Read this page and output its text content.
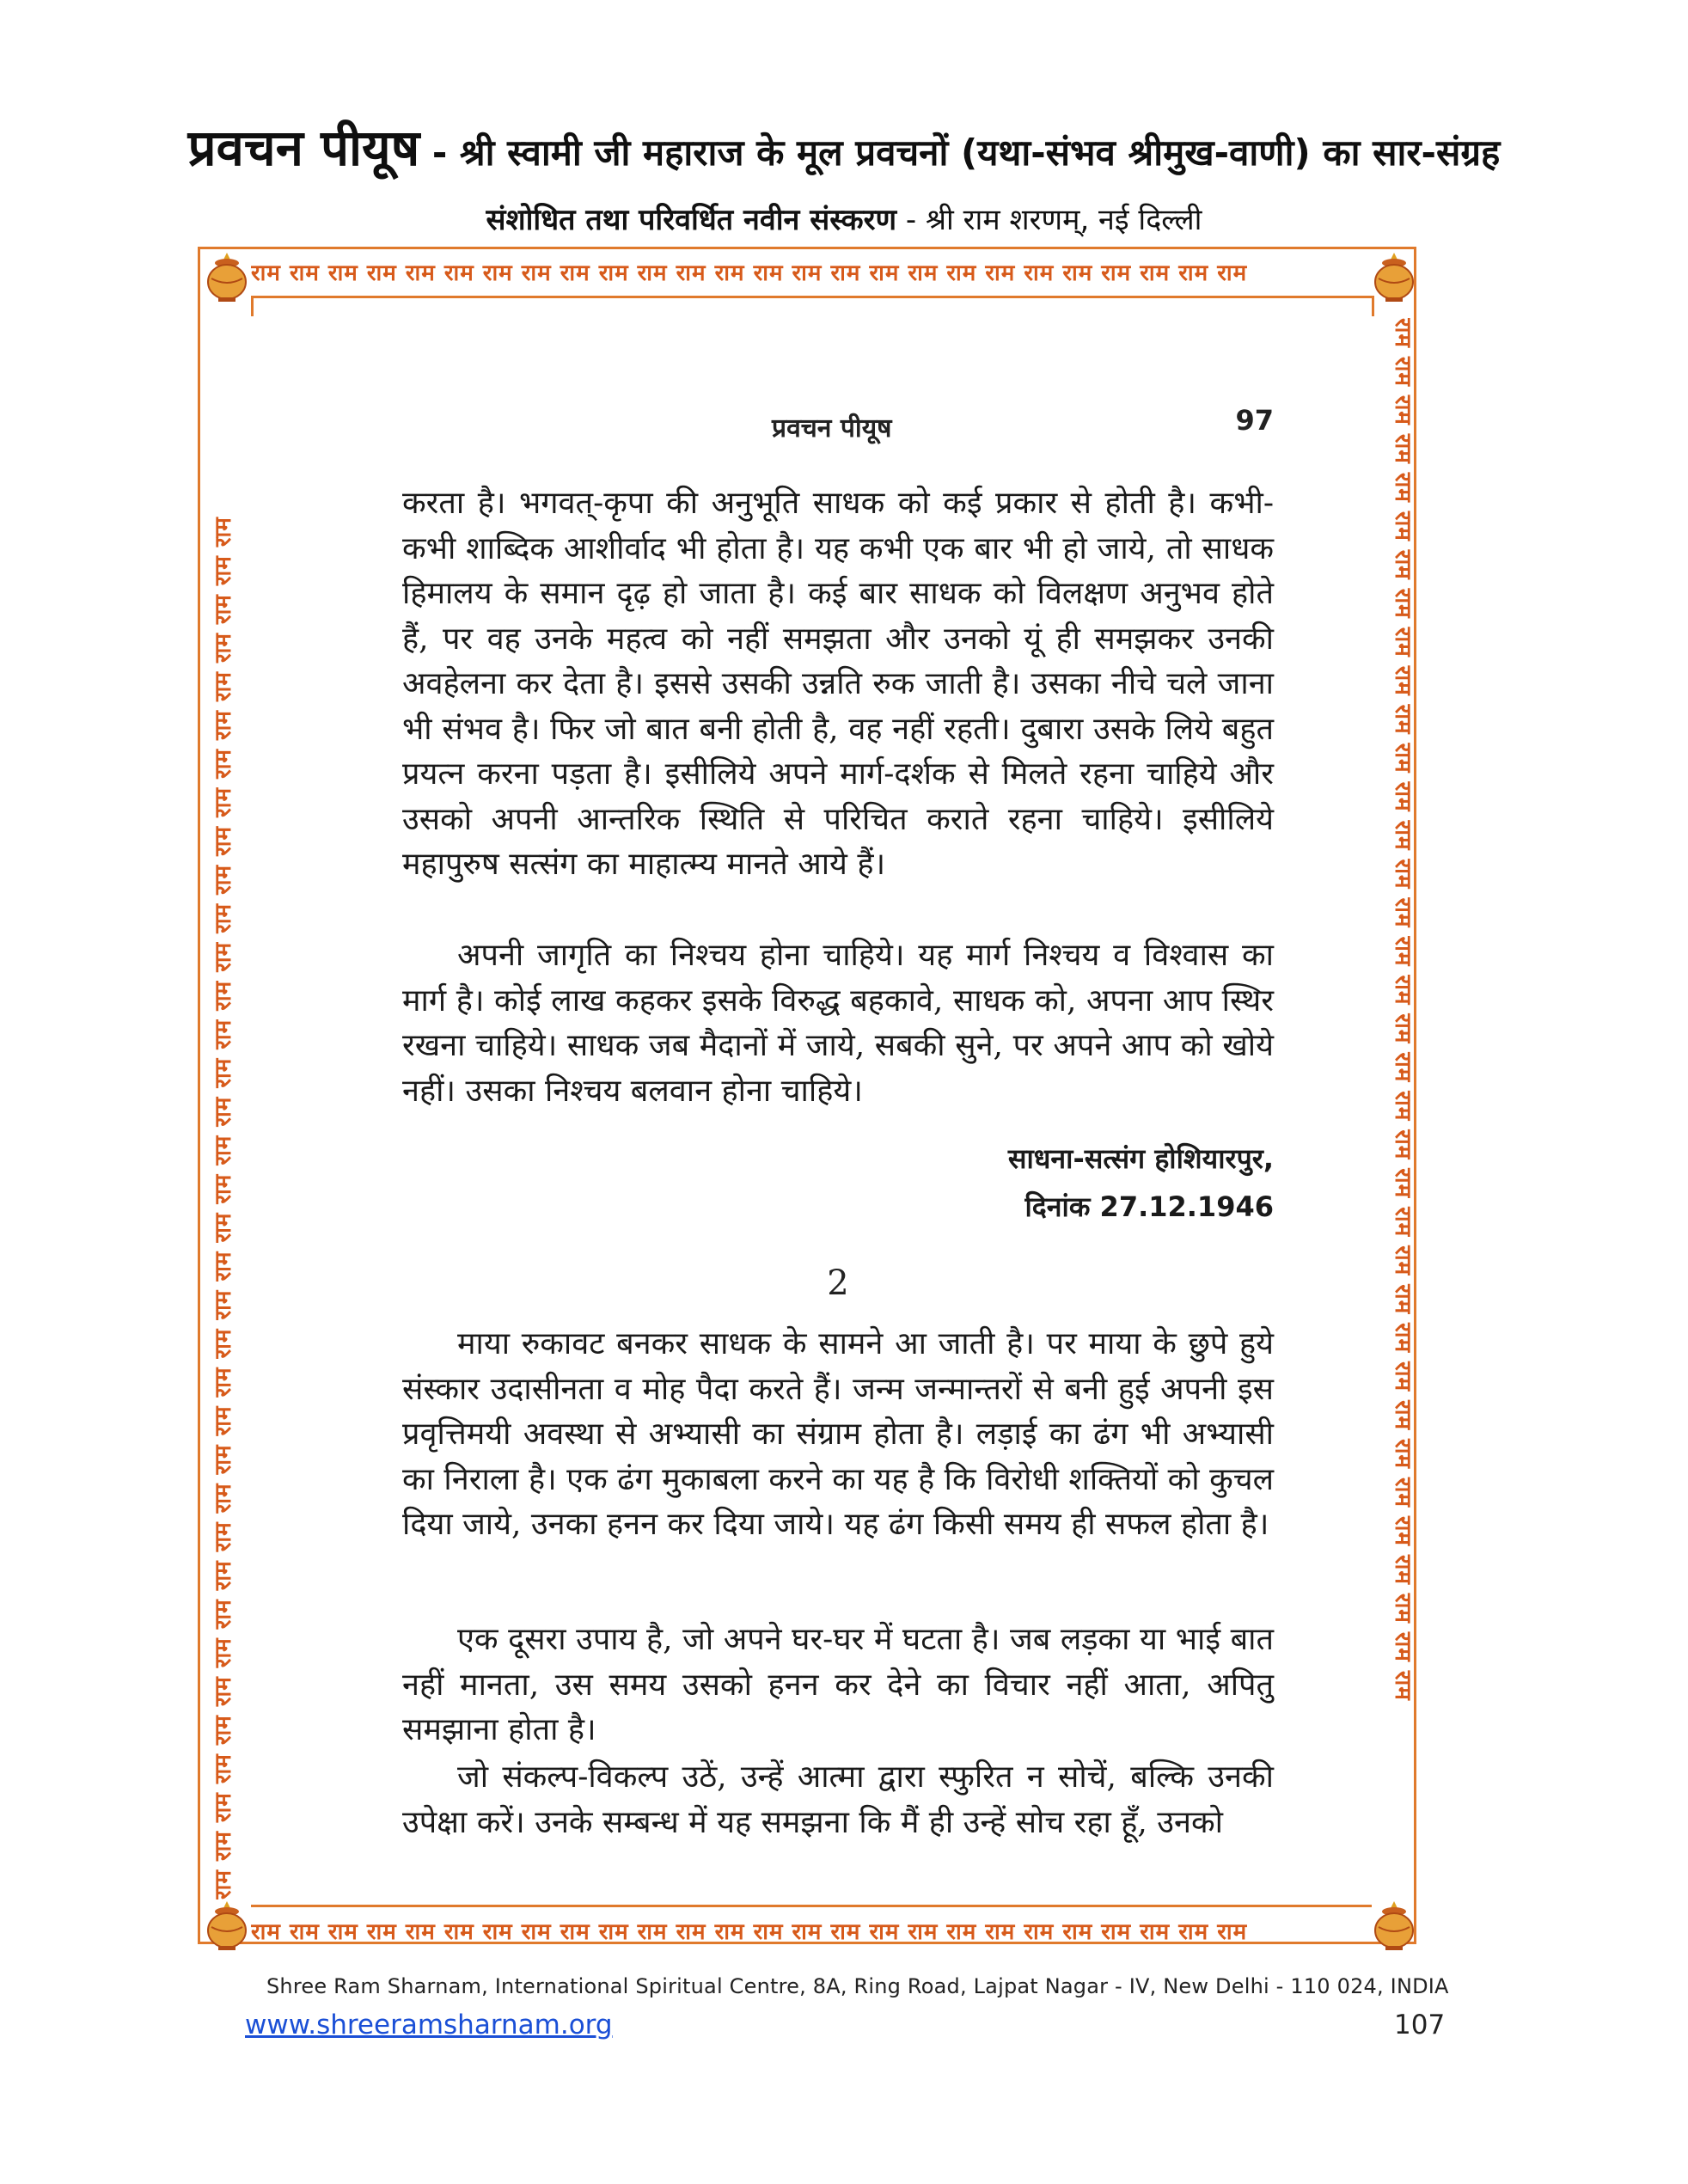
प्रवचन पीयूष - श्री स्वामी जी महाराज के मूल प्रवचनों (यथा-संभव श्रीमुख-वाणी) का सार-संग्रह
संशोधित तथा परिवर्धित नवीन संस्करण - श्री राम शरणम्, नई दिल्ली
राम राम राम राम राम राम राम राम राम राम राम राम राम राम राम राम राम राम राम राम राम राम राम राम राम राम
राम राम राम राम राम राम राम राम राम राम राम राम राम राम राम राम राम राम राम राम राम राम राम राम राम राम
राम राम राम राम राम राम राम राम राम राम राम राम राम राम राम राम राम राम राम राम राम राम राम राम राम राम राम राम राम राम राम राम राम राम राम राम	राम राम राम राम राम राम राम राम राम राम राम राम राम राम राम राम राम राम राम राम राम राम राम राम राम राम राम राम राम राम राम राम राम राम राम राम
प्रवचन पीयूष	97
करता है। भगवत्-कृपा की अनुभूति साधक को कई प्रकार से होती है। कभी-कभी शाब्दिक आशीर्वाद भी होता है। यह कभी एक बार भी हो जाये, तो साधक हिमालय के समान दृढ़ हो जाता है। कई बार साधक को विलक्षण अनुभव होते हैं, पर वह उनके महत्व को नहीं समझता और उनको यूं ही समझकर उनकी अवहेलना कर देता है। इससे उसकी उन्नति रुक जाती है। उसका नीचे चले जाना भी संभव है। फिर जो बात बनी होती है, वह नहीं रहती। दुबारा उसके लिये बहुत प्रयत्न करना पड़ता है। इसीलिये अपने मार्ग-दर्शक से मिलते रहना चाहिये और उसको अपनी आन्तरिक स्थिति से परिचित कराते रहना चाहिये। इसीलिये महापुरुष सत्संग का माहात्म्य मानते आये हैं।
अपनी जागृति का निश्चय होना चाहिये। यह मार्ग निश्चय व विश्वास का मार्ग है। कोई लाख कहकर इसके विरुद्ध बहकावे, साधक को, अपना आप स्थिर रखना चाहिये। साधक जब मैदानों में जाये, सबकी सुने, पर अपने आप को खोये नहीं। उसका निश्चय बलवान होना चाहिये।
साधना-सत्संग होशियारपुर,
दिनांक 27.12.1946
2
माया रुकावट बनकर साधक के सामने आ जाती है। पर माया के छुपे हुये संस्कार उदासीनता व मोह पैदा करते हैं। जन्म जन्मान्तरों से बनी हुई अपनी इस प्रवृत्तिमयी अवस्था से अभ्यासी का संग्राम होता है। लड़ाई का ढंग भी अभ्यासी का निराला है। एक ढंग मुकाबला करने का यह है कि विरोधी शक्तियों को कुचल दिया जाये, उनका हनन कर दिया जाये। यह ढंग किसी समय ही सफल होता है।
एक दूसरा उपाय है, जो अपने घर-घर में घटता है। जब लड़का या भाई बात नहीं मानता, उस समय उसको हनन कर देने का विचार नहीं आता, अपितु समझाना होता है।
जो संकल्प-विकल्प उठें, उन्हें आत्मा द्वारा स्फुरित न सोचें, बल्कि उनकी उपेक्षा करें। उनके सम्बन्ध में यह समझना कि मैं ही उन्हें सोच रहा हूँ, उनको
Shree Ram Sharnam, International Spiritual Centre, 8A, Ring Road, Lajpat Nagar - IV, New Delhi - 110 024, INDIA
www.shreeramsharnam.org	107
